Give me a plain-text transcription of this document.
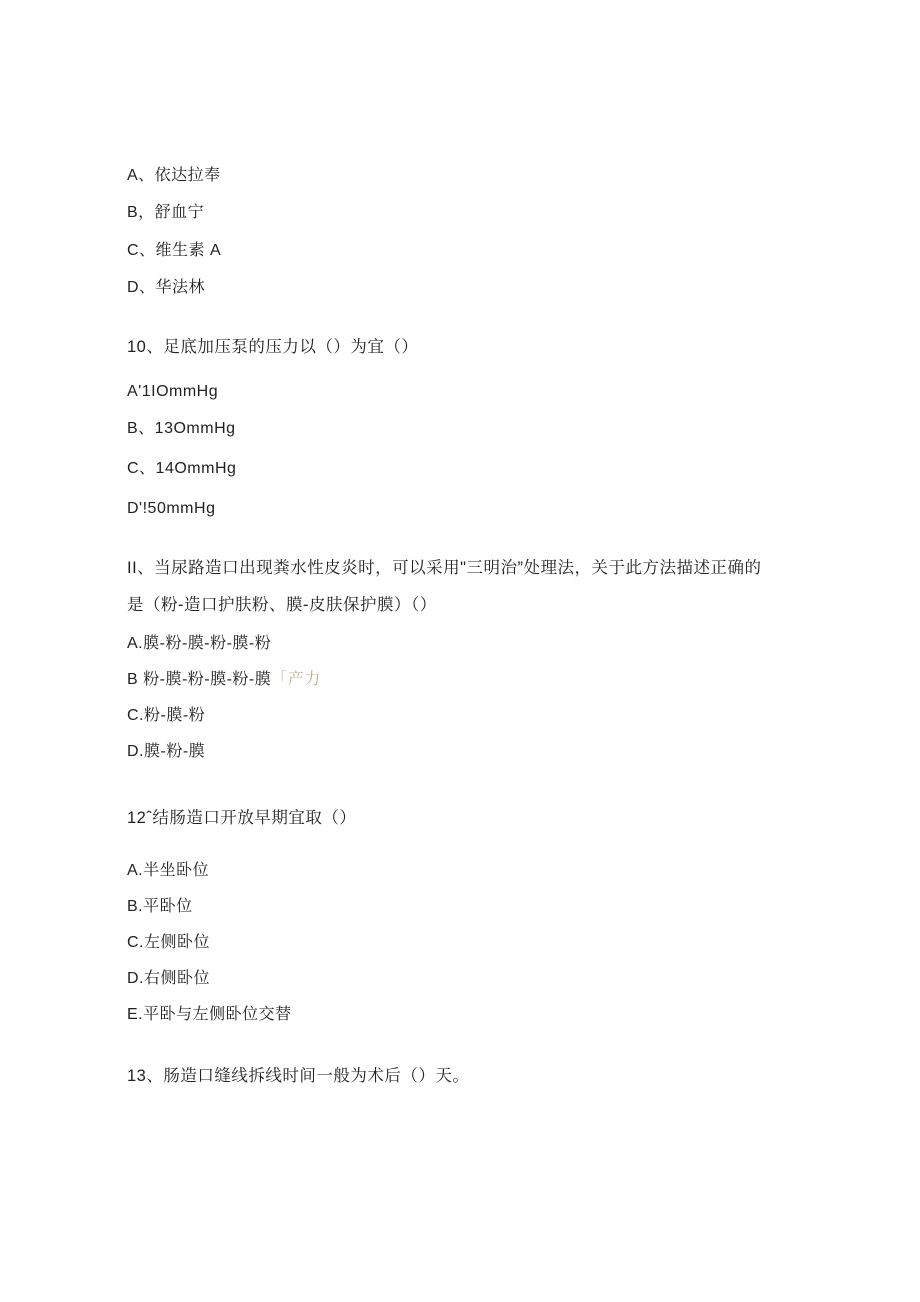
A、依达拉奉

B，舒血宁

C、维生素 A

D、华法林

10、足底加压泵的压力以（）为宜（）

A'1IOmmHg

B、13OmmHg

C、14OmmHg

D'!50mmHg

II、当尿路造口出现粪水性皮炎时，可以采用"三明治”处理法，关于此方法描述正确的

是（粉-造口护肤粉、膜-皮肤保护膜）（）

A.膜-粉-膜-粉-膜-粉

B 粉-膜-粉-膜-粉-膜「产力

C.粉-膜-粉

D.膜-粉-膜

12ˆ结肠造口开放早期宜取（）

A.半坐卧位

B.平卧位

C.左侧卧位

D.右侧卧位

E.平卧与左侧卧位交替

13、肠造口缝线拆线时间一般为术后（）天。
